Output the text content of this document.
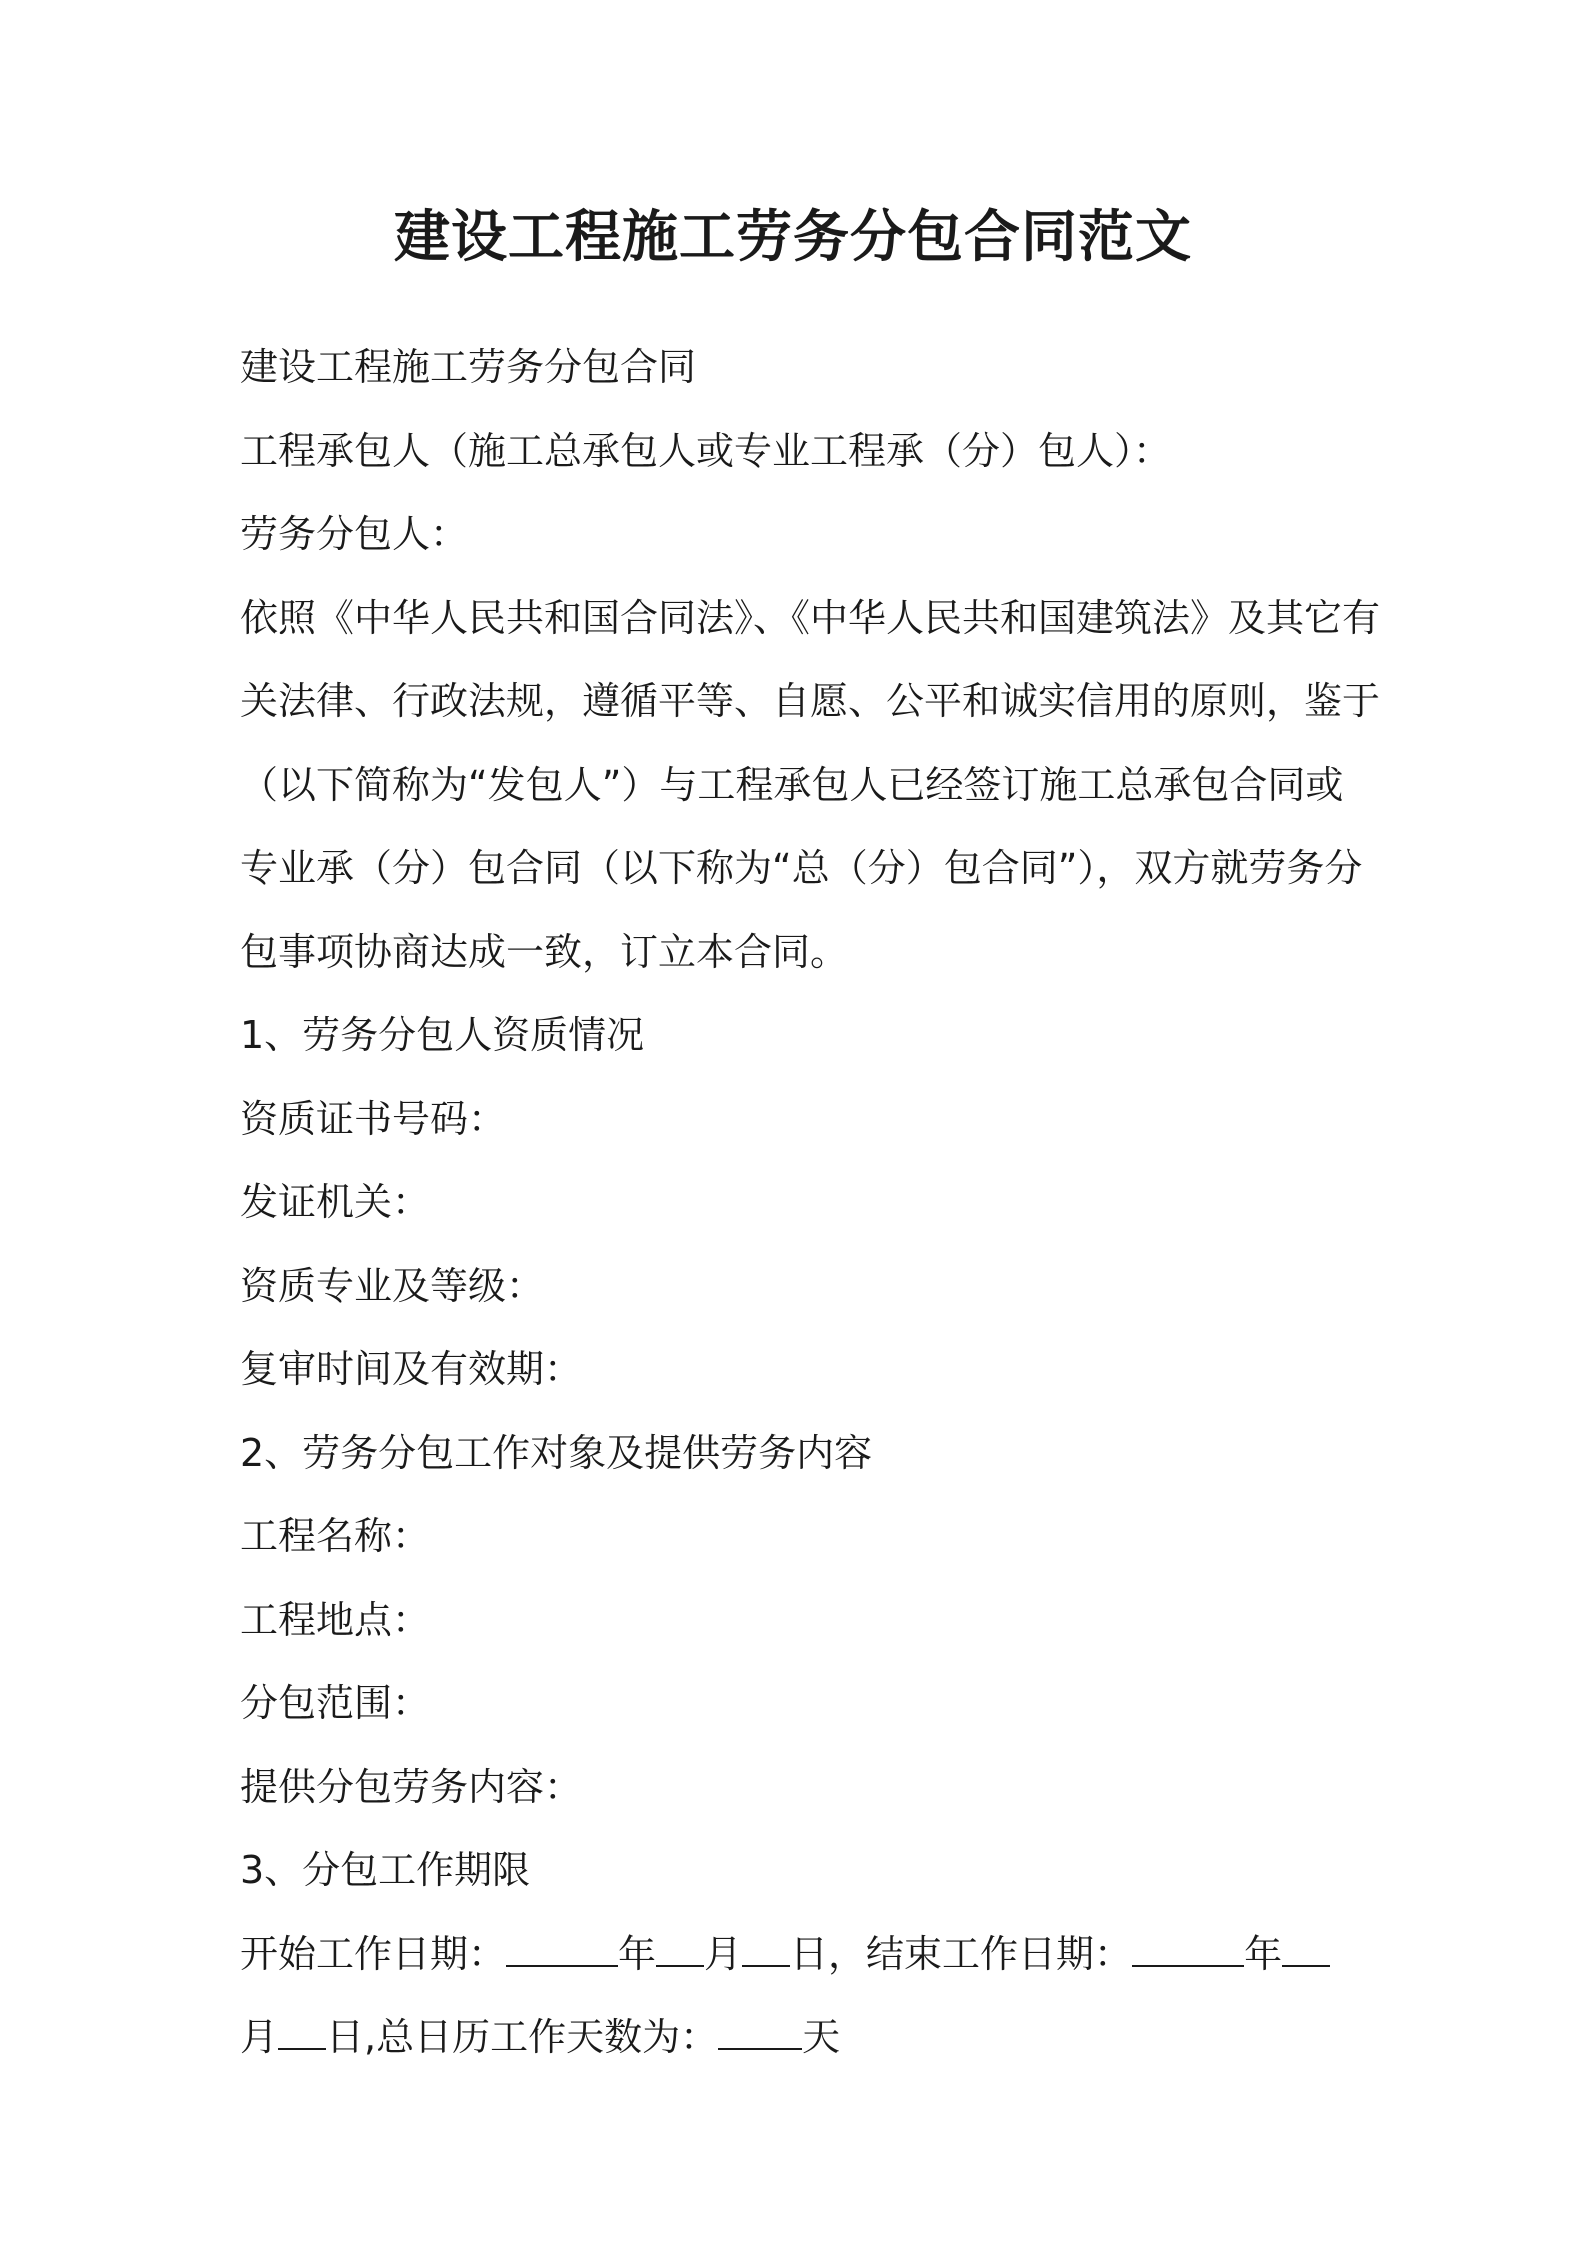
建设工程施工劳务分包合同范文
建设工程施工劳务分包合同
工程承包人（施工总承包人或专业工程承（分）包人）：
劳务分包人：
依照《中华人民共和国合同法》、《中华人民共和国建筑法》及其它有
关法律、行政法规，遵循平等、自愿、公平和诚实信用的原则，鉴于
（以下简称为“发包人”）与工程承包人已经签订施工总承包合同或
专业承（分）包合同（以下称为“总（分）包合同”），双方就劳务分
包事项协商达成一致，订立本合同。
1、劳务分包人资质情况
资质证书号码：
发证机关：
资质专业及等级：
复审时间及有效期：
2、劳务分包工作对象及提供劳务内容
工程名称：
工程地点：
分包范围：
提供分包劳务内容：
3、分包工作期限
开始工作日期：	年 月 日，结束工作日期：	年
月 日,总日历工作天数为： 天
